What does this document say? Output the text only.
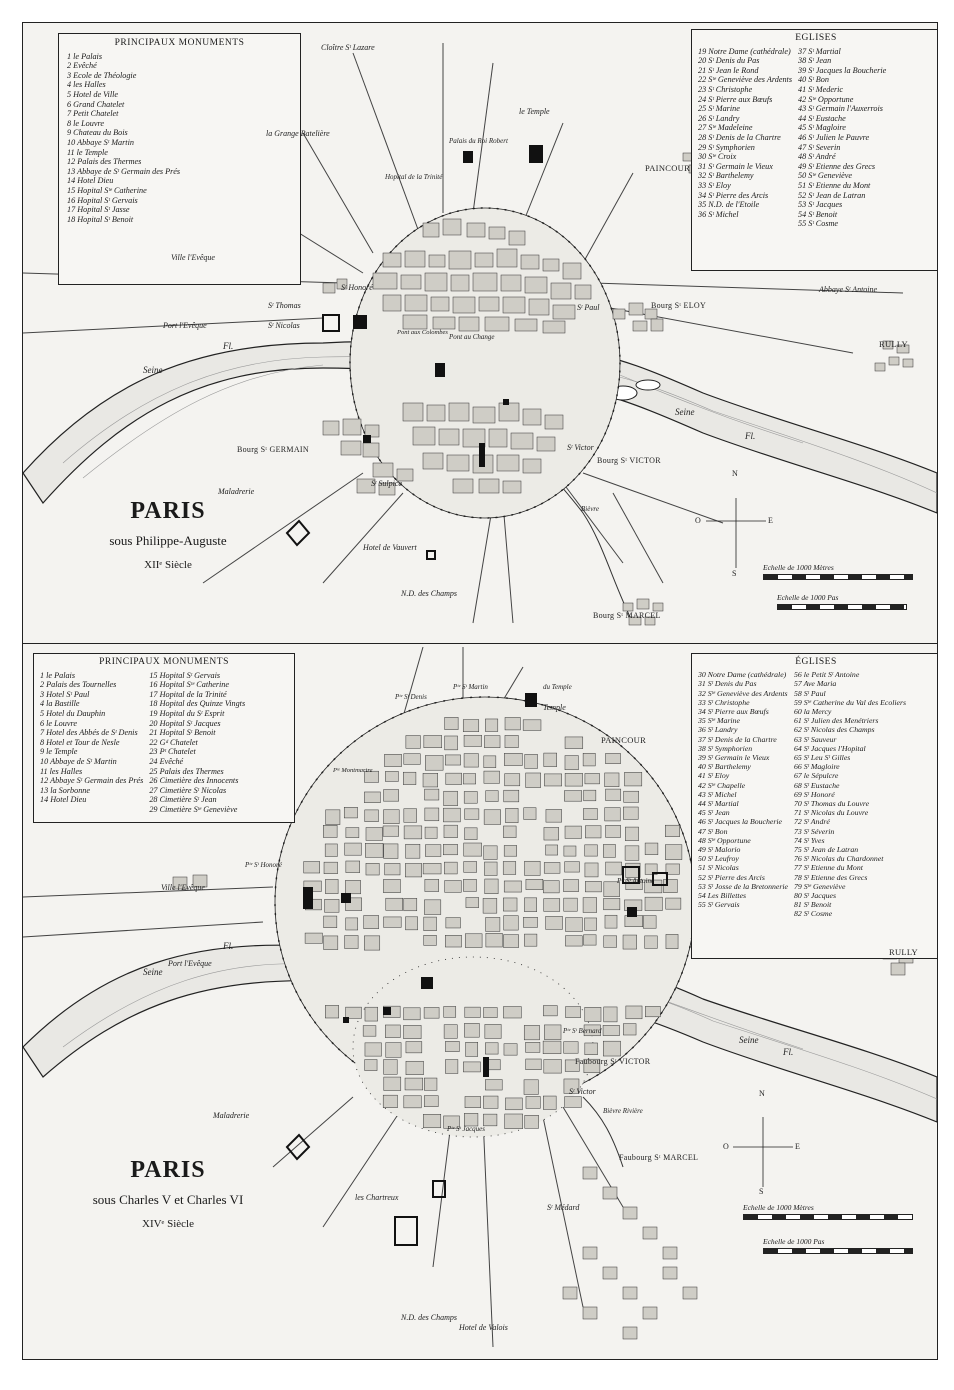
PRINCIPAUX MONUMENTS
1 le Palais
2 Evêché
3 Ecole de Théologie
4 les Halles
5 Hotel de Ville
6 Grand Chatelet
7 Petit Chatelet
8 le Louvre
9 Chateau du Bois
10 Abbaye Sᵗ Martin
11 le Temple
12 Palais des Thermes
13 Abbaye de Sᵗ Germain des Prés
14 Hotel Dieu
15 Hopital Sᵗᵉ Catherine
16 Hopital Sᵗ Gervais
17 Hopital Sᵗ Jasse
18 Hopital Sᵗ Benoit
EGLISES
19 Notre Dame (cathédrale)
20 Sᵗ Denis du Pas
21 Sᵗ Jean le Rond
22 Sᵗᵉ Geneviève des Ardents
23 Sᵗ Christophe
24 Sᵗ Pierre aux Bœufs
25 Sᵗ Marine
26 Sᵗ Landry
27 Sᵗᵉ Madeleine
28 Sᵗ Denis de la Chartre
29 Sᵗ Symphorien
30 Sᵗᵉ Croix
31 Sᵗ Germain le Vieux
32 Sᵗ Barthelemy
33 Sᵗ Eloy
34 Sᵗ Pierre des Arcis
35 N.D. de l'Etoile
36 Sᵗ Michel
37 Sᵗ Martial
38 Sᵗ Jean
39 Sᵗ Jacques la Boucherie
40 Sᵗ Bon
41 Sᵗ Mederic
42 Sᵗᵉ Opportune
43 Sᵗ Germain l'Auxerrois
44 Sᵗ Eustache
45 Sᵗ Magloire
46 Sᵗ Julien le Pauvre
47 Sᵗ Severin
48 Sᵗ André
49 Sᵗ Etienne des Grecs
50 Sᵗᵉ Geneviève
51 Sᵗ Etienne du Mont
52 Sᵗ Jean de Latran
53 Sᵗ Jacques
54 Sᵗ Benoit
55 Sᵗ Cosme
PARIS
sous Philippe-Auguste
XIIᵉ Siècle
Cloître Sᵗ Lazare
le Temple
la Grange Batelière
Palais du Roi Robert
Hopital de la Trinité
PAINCOUR
Ville l'Evêque
Sᵗ Honoré
Sᵗ Thomas
Sᵗ Nicolas
Port l'Evêque
Seine
Fl.
Seine
Fl.
Pont au Change
Pont aux Colombes
Sᵗ Paul	Bourg Sᵗ ELOY
Abbaye Sᵗ Antoine
RULLY
Bourg Sᵗ GERMAIN
Sᵗ Sulpice
Maladrerie
Hotel de Vauvert
N.D. des Champs
Sᵗ Victor
Bourg Sᵗ VICTOR
Bièvre
Bourg Sᵗ MARCEL
N
S
E
O
Echelle de 1000 Mètres
Echelle de 1000 Pas
PRINCIPAUX MONUMENTS
1 le Palais
2 Palais des Tournelles
3 Hotel Sᵗ Paul
4 la Bastille
5 Hotel du Dauphin
6 le Louvre
7 Hotel des Abbés de Sᵗ Denis
8 Hotel et Tour de Nesle
9 le Temple
10 Abbaye de Sᵗ Martin
11 les Halles
12 Abbaye Sᵗ Germain des Prés
13 la Sorbonne
14 Hotel Dieu
15 Hopital Sᵗ Gervais
16 Hopital Sᵗᵉ Catherine
17 Hopital de la Trinité
18 Hopital des Quinze Vingts
19 Hopital du Sᵗ Esprit
20 Hopital Sᵗ Jacques
21 Hopital Sᵗ Benoit
22 Gᵈ Chatelet
23 Pᵗ Chatelet
24 Evêché
25 Palais des Thermes
26 Cimetière des Innocents
27 Cimetière Sᵗ Nicolas
28 Cimetière Sᵗ Jean
29 Cimetière Sᵗᵉ Geneviève
ÉGLISES
30 Notre Dame (cathédrale)
31 Sᵗ Denis du Pas
32 Sᵗᵉ Geneviève des Ardents
33 Sᵗ Christophe
34 Sᵗ Pierre aux Bœufs
35 Sᵗᵉ Marine
36 Sᵗ Landry
37 Sᵗ Denis de la Chartre
38 Sᵗ Symphorien
39 Sᵗ Germain le Vieux
40 Sᵗ Barthelemy
41 Sᵗ Eloy
42 Sᵗᵉ Chapelle
43 Sᵗ Michel
44 Sᵗ Martial
45 Sᵗ Jean
46 Sᵗ Jacques la Boucherie
47 Sᵗ Bon
48 Sᵗᵉ Opportune
49 Sᵗ Malorio
50 Sᵗ Leufroy
51 Sᵗ Nicolas
52 Sᵗ Pierre des Arcis
53 Sᵗ Josse de la Bretonnerie
54 Les Billettes
55 Sᵗ Gervais
56 le Petit Sᵗ Antoine
57 Ave Maria
58 Sᵗ Paul
59 Sᵗᵉ Catherine du Val des Ecoliers
60 la Mercy
61 Sᵗ Julien des Menétriers
62 Sᵗ Nicolas des Champs
63 Sᵗ Sauveur
64 Sᵗ Jacques l'Hopital
65 Sᵗ Leu Sᵗ Gilles
66 Sᵗ Magloire
67 le Sépulcre
68 Sᵗ Eustache
69 Sᵗ Honoré
70 Sᵗ Thomas du Louvre
71 Sᵗ Nicolas du Louvre
72 Sᵗ André
73 Sᵗ Séverin
74 Sᵗ Yves
75 Sᵗ Jean de Latran
76 Sᵗ Nicolas du Chardonnet
77 Sᵗ Etienne du Mont
78 Sᵗ Etienne des Grecs
79 Sᵗᵉ Geneviève
80 Sᵗ Jacques
81 Sᵗ Benoit
82 Sᵗ Cosme
PARIS
sous Charles V et Charles VI
XIVᵉ Siècle
Pᵗᵉ Sᵗ Denis
Pᵗᵉ Sᵗ Martin	du Temple
Temple
PAINCOUR
Ville l'Evêque
Pᵗᵉ Sᵗ Honoré
Pᵗᵉ Montmartre
Port l'Evêque
Seine
Fl.
Seine
Fl.
Pᵗᵉ Sᵗ Antoine
RULLY
Pᵗᵉ Sᵗ Bernard
Faubourg Sᵗ VICTOR
Sᵗ Victor
Maladrerie
Pᵗᵉ Sᵗ Jacques
les Chartreux
Sᵗ Médard
Faubourg Sᵗ MARCEL
Bièvre Rivière
N.D. des Champs
Hotel de Valois
N
S
E
O
Echelle de 1000 Mètres
Echelle de 1000 Pas
